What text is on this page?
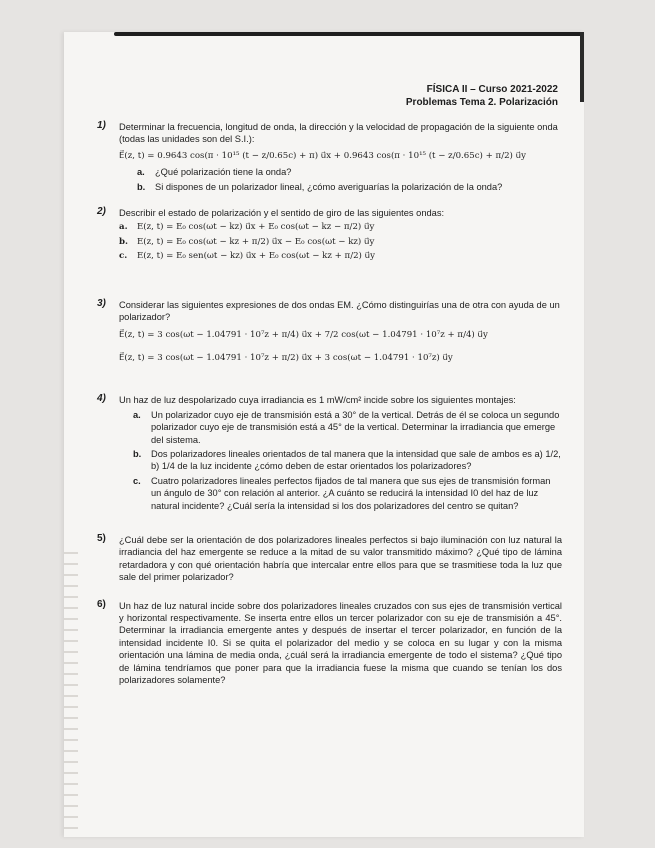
FÍSICA II – Curso 2021-2022
Problemas Tema 2. Polarización
1) Determinar la frecuencia, longitud de onda, la dirección y la velocidad de propagación de la siguiente onda (todas las unidades son del S.I.):
E⃗(z, t) = 0.9643 cos(π · 10¹⁵ (t − z/0.65c) + π) u⃗x + 0.9643 cos(π · 10¹⁵ (t − z/0.65c) + π/2) u⃗y
a.	¿Qué polarización tiene la onda?
b.	Si dispones de un polarizador lineal, ¿cómo averiguarías la polarización de la onda?
2) Describir el estado de polarización y el sentido de giro de las siguientes ondas:
a.	E(z, t) = E₀ cos(ωt − kz) u⃗x + E₀ cos(ωt − kz − π/2) u⃗y
b.	E(z, t) = E₀ cos(ωt − kz + π/2) u⃗x − E₀ cos(ωt − kz) u⃗y
c.	E(z, t) = E₀ sen(ωt − kz) u⃗x + E₀ cos(ωt − kz + π/2) u⃗y
3) Considerar las siguientes expresiones de dos ondas EM. ¿Cómo distinguirías una de otra con ayuda de un polarizador?
E⃗(z, t) = 3 cos(ωt − 1.04791 · 10⁷z + π/4) u⃗x + 7/2 cos(ωt − 1.04791 · 10⁷z + π/4) u⃗y
E⃗(z, t) = 3 cos(ωt − 1.04791 · 10⁷z + π/2) u⃗x + 3 cos(ωt − 1.04791 · 10⁷z) u⃗y
4) Un haz de luz despolarizado cuya irradiancia es 1 mW/cm² incide sobre los siguientes montajes:
a.	Un polarizador cuyo eje de transmisión está a 30° de la vertical. Detrás de él se coloca un segundo polarizador cuyo eje de transmisión está a 45° de la vertical. Determinar la irradiancia que emerge del sistema.
b.	Dos polarizadores lineales orientados de tal manera que la intensidad que sale de ambos es a) 1/2, b) 1/4 de la luz incidente ¿cómo deben de estar orientados los polarizadores?
c.	Cuatro polarizadores lineales perfectos fijados de tal manera que sus ejes de transmisión forman un ángulo de 30° con relación al anterior. ¿A cuánto se reducirá la intensidad I0 del haz de luz natural incidente? ¿Cuál sería la intensidad si los dos polarizadores del centro se quitan?
5) ¿Cuál debe ser la orientación de dos polarizadores lineales perfectos si bajo iluminación con luz natural la irradiancia del haz emergente se reduce a la mitad de su valor transmitido máximo? ¿Qué tipo de lámina retardadora y con qué orientación habría que intercalar entre ellos para que se trasmitiese toda la luz que sale del primer polarizador?
6) Un haz de luz natural incide sobre dos polarizadores lineales cruzados con sus ejes de transmisión vertical y horizontal respectivamente. Se inserta entre ellos un tercer polarizador con su eje de transmisión a 45°. Determinar la irradiancia emergente antes y después de insertar el tercer polarizador, en función de la intensidad incidente I0. Si se quita el polarizador del medio y se coloca en su lugar y con la misma orientación una lámina de media onda, ¿cuál será la irradiancia emergente de todo el sistema? ¿Qué tipo de lámina tendríamos que poner para que la irradiancia fuese la misma que cuando se tenían los dos polarizadores solamente?
